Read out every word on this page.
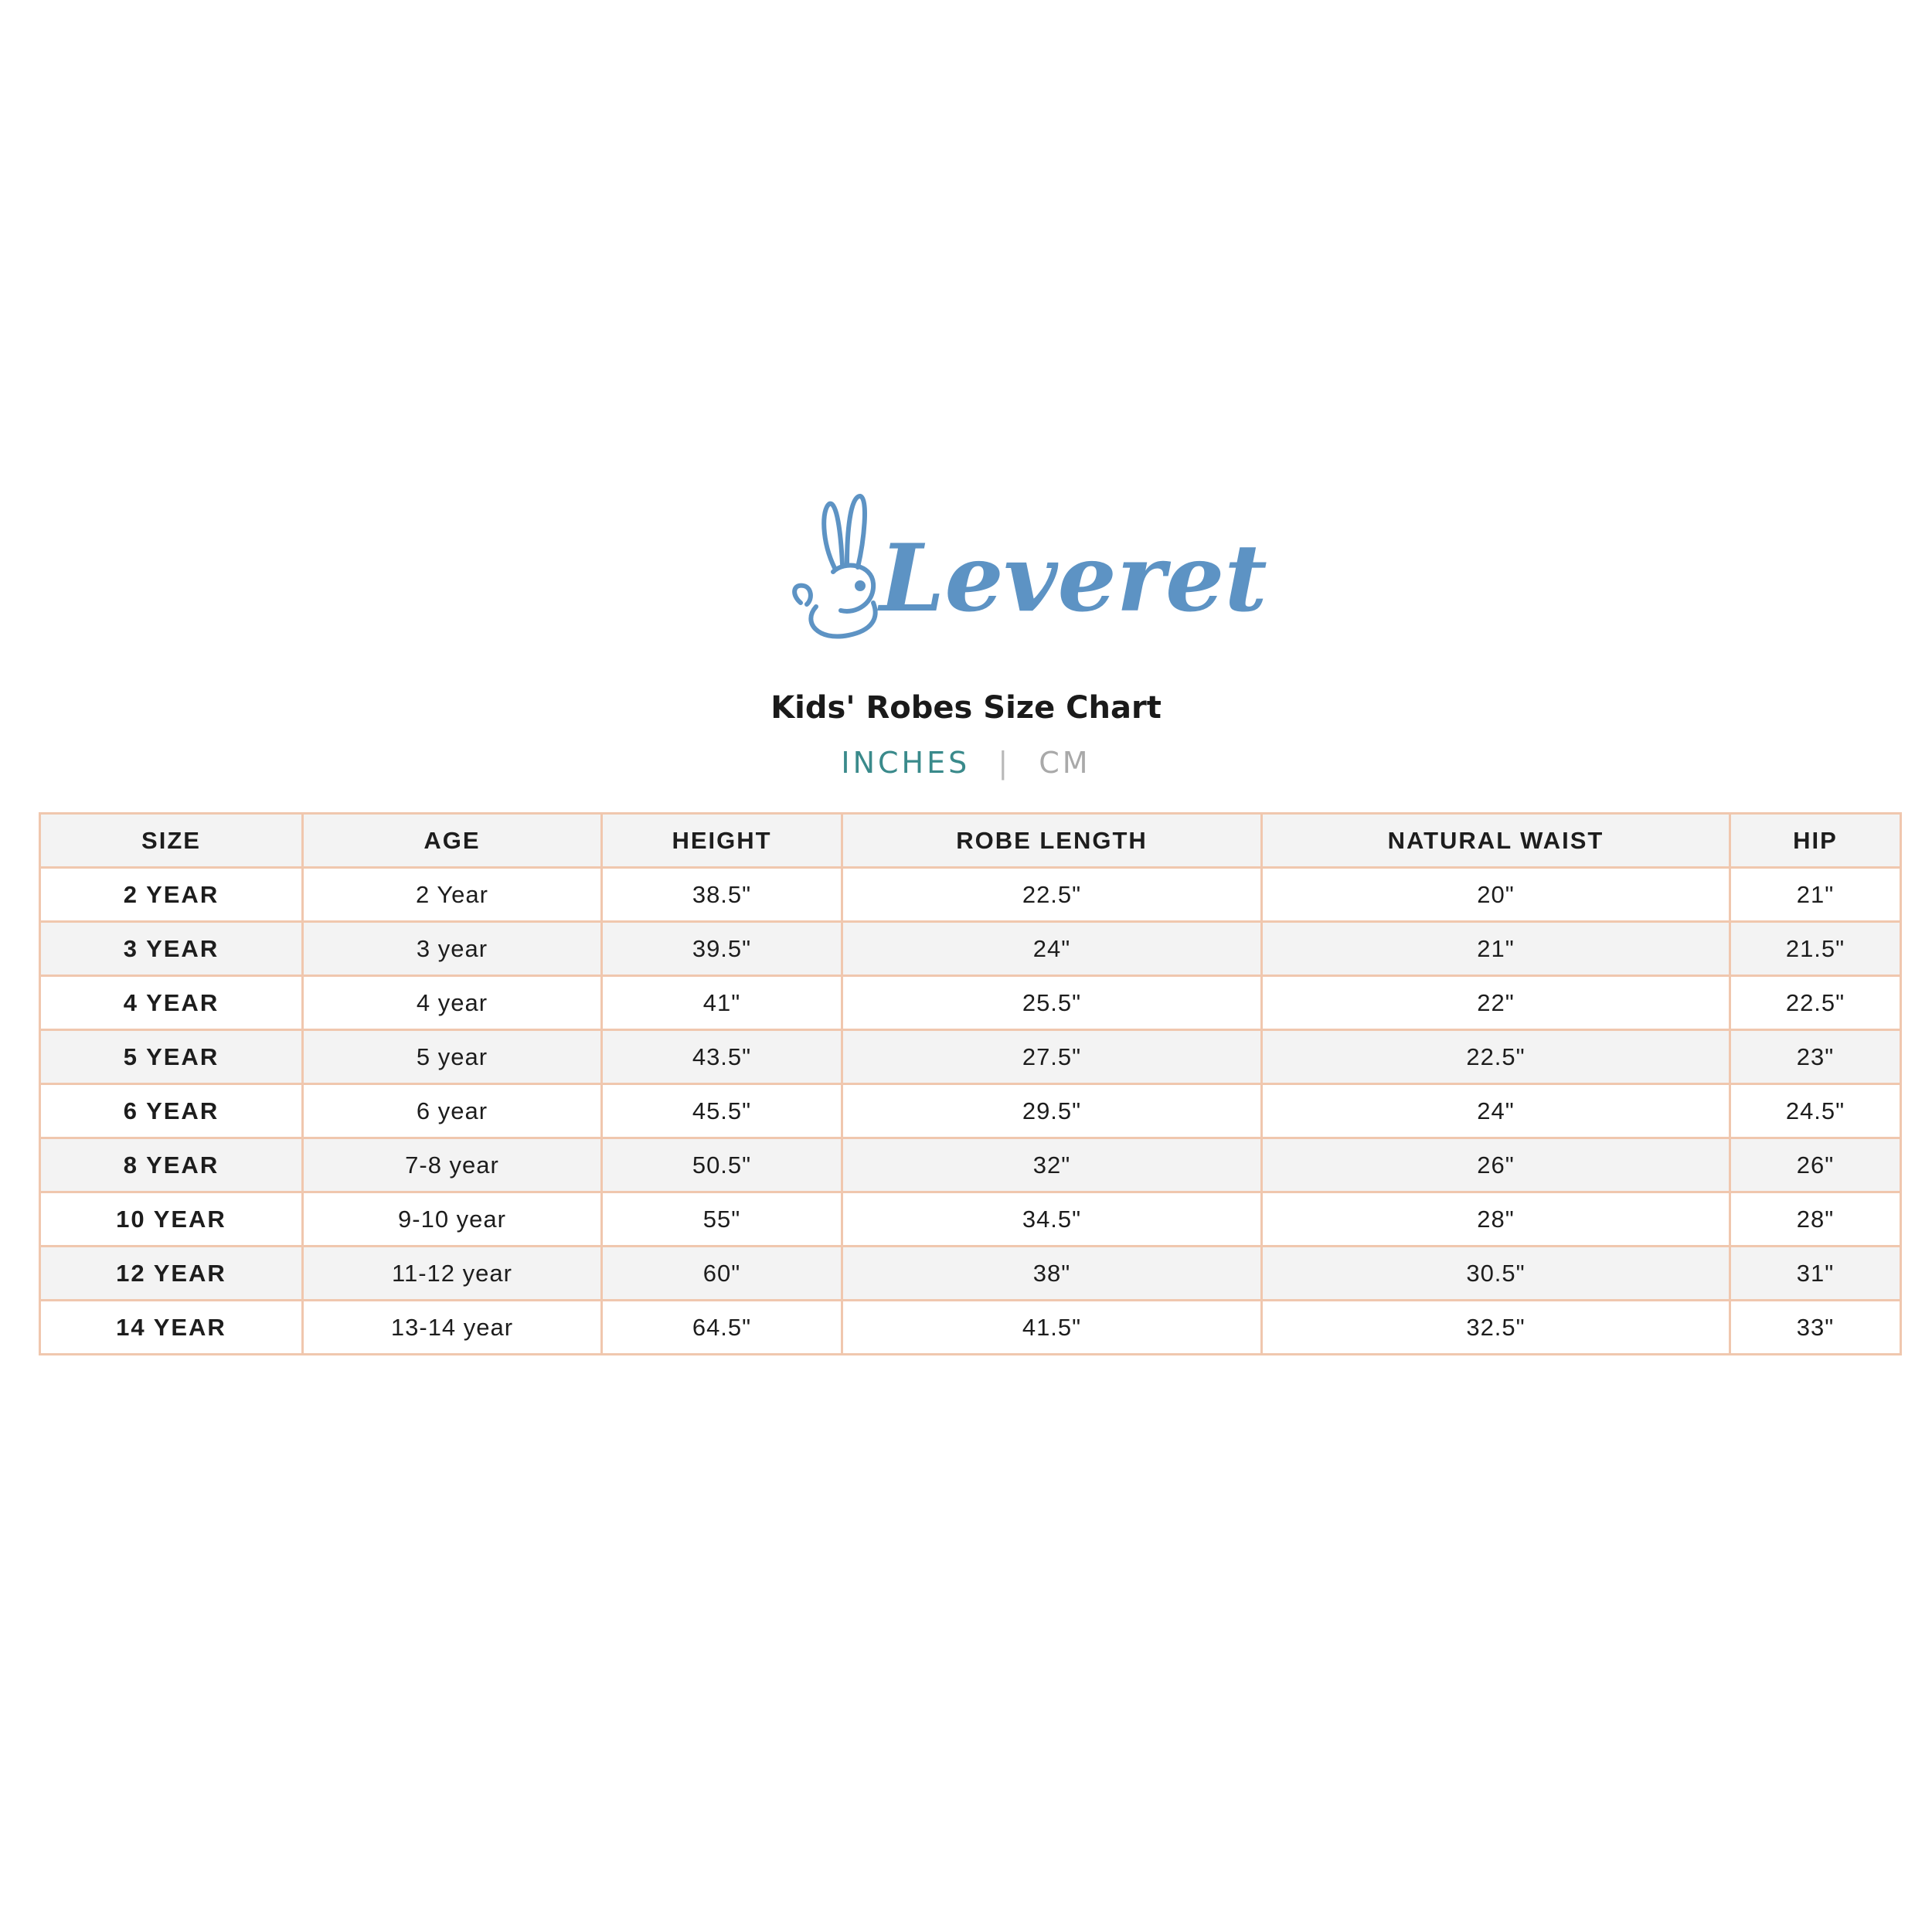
Leveret
Kids' Robes Size Chart
INCHES | CM
SIZE	AGE	HEIGHT	ROBE LENGTH	NATURAL WAIST	HIP
2 YEAR	2 Year	38.5"	22.5"	20"	21"
3 YEAR	3 year	39.5"	24"	21"	21.5"
4 YEAR	4 year	41"	25.5"	22"	22.5"
5 YEAR	5 year	43.5"	27.5"	22.5"	23"
6 YEAR	6 year	45.5"	29.5"	24"	24.5"
8 YEAR	7-8 year	50.5"	32"	26"	26"
10 YEAR	9-10 year	55"	34.5"	28"	28"
12 YEAR	11-12 year	60"	38"	30.5"	31"
14 YEAR	13-14 year	64.5"	41.5"	32.5"	33"
